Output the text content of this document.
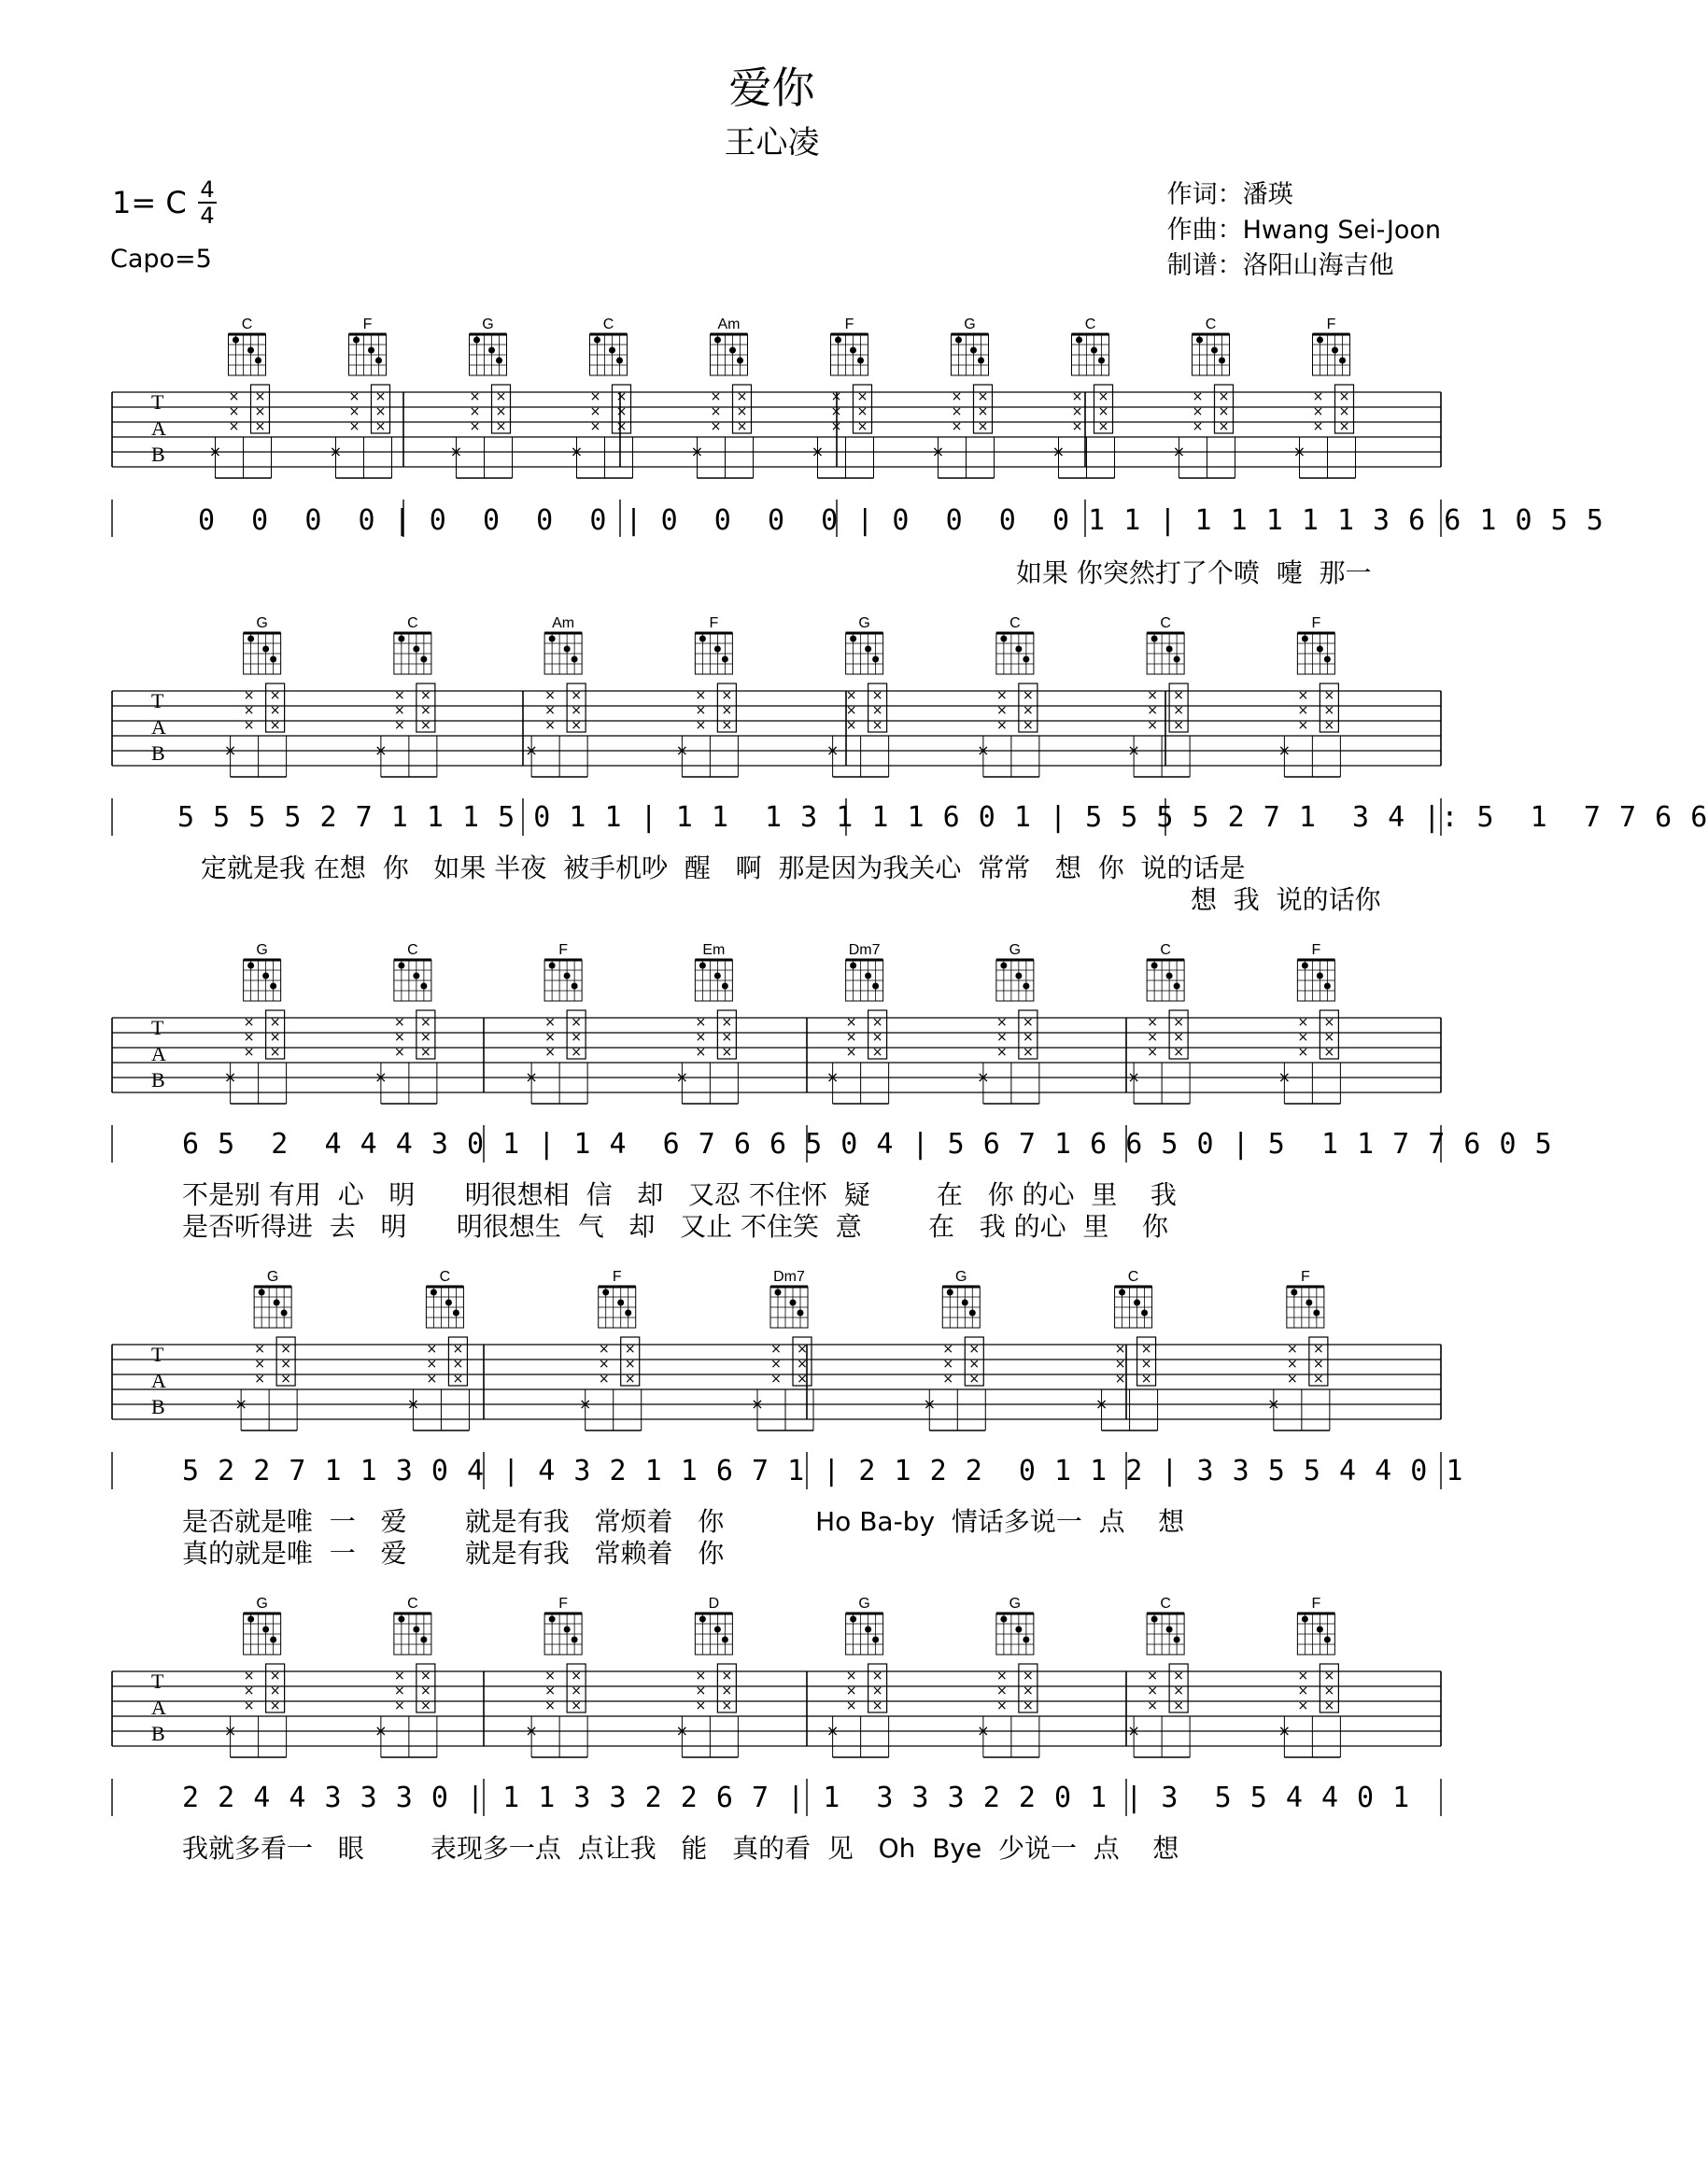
爱你
王心凌
1= C 4
4
Capo=5
作词：潘瑛
作曲：Hwang Sei-Joon
制谱：洛阳山海吉他
T
A
B
C
×
×
×
×
×
×
×
F
×
×
×
×
×
×
×
G
×
×
×
×
×
×
×
C
×
×
×
×
×
×
×
Am
×
×
×
×
×
×
×
F
×
×
×
×
×
×
×
G
×
×
×
×
×
×
×
C
×
×
×
×
×
×
×
C
×
×
×
×
×
×
×
F
×
×
×
×
×
×
×
0  0  0  0 | 0  0  0  0 | 0  0  0  0 | 0  0  0  0 1 1 | 1 1 1 1 1 3 6 6 1 0 5 5
如果 你突然打了个喷  嚏  那一
T
A
B
G
×
×
×
×
×
×
×
C
×
×
×
×
×
×
×
Am
×
×
×
×
×
×
×
F
×
×
×
×
×
×
×
G
×
×
×
×
×
×
×
C
×
×
×
×
×
×
×
C
×
×
×
×
×
×
×
F
×
×
×
×
×
×
×
5 5 5 5 2 7 1 1 1 5 0 1 1 | 1 1  1 3 1 1 1 6 0 1 | 5 5 5 5 2 7 1  3 4 |: 5  1  7 7 6 6
定就是我 在想  你   如果 半夜  被手机吵  醒   啊  那是因为我关心  常常   想  你  说的话是
想  我  说的话你
T
A
B
G
×
×
×
×
×
×
×
C
×
×
×
×
×
×
×
F
×
×
×
×
×
×
×
Em
×
×
×
×
×
×
×
Dm7
×
×
×
×
×
×
×
G
×
×
×
×
×
×
×
C
×
×
×
×
×
×
×
F
×
×
×
×
×
×
×
6 5  2  4 4 4 3 0 1 | 1 4  6 7 6 6 5 0 4 | 5 6 7 1 6 6 5 0 | 5  1 1 7 7 6 0 5
不是别 有用  心   明      明很想相  信   却   又忍 不住怀  疑        在   你 的心  里    我
是否听得进  去   明      明很想生  气   却   又止 不住笑  意        在   我 的心  里    你
T
A
B
G
×
×
×
×
×
×
×
C
×
×
×
×
×
×
×
F
×
×
×
×
×
×
×
Dm7
×
×
×
×
×
×
×
G
×
×
×
×
×
×
×
C
×
×
×
×
×
×
×
F
×
×
×
×
×
×
×
5 2 2 7 1 1 3 0 4 | 4 3 2 1 1 6 7 1 | 2 1 2 2  0 1 1 2 | 3 3 5 5 4 4 0 1
是否就是唯  一   爱       就是有我   常烦着   你           Ho Ba-by  情话多说一  点    想
真的就是唯  一   爱       就是有我   常赖着   你
T
A
B
G
×
×
×
×
×
×
×
C
×
×
×
×
×
×
×
F
×
×
×
×
×
×
×
D
×
×
×
×
×
×
×
G
×
×
×
×
×
×
×
G
×
×
×
×
×
×
×
C
×
×
×
×
×
×
×
F
×
×
×
×
×
×
×
2 2 4 4 3 3 3 0 | 1 1 3 3 2 2 6 7 | 1  3 3 3 2 2 0 1 | 3  5 5 4 4 0 1
我就多看一   眼        表现多一点  点让我   能   真的看  见   Oh  Bye  少说一  点    想
